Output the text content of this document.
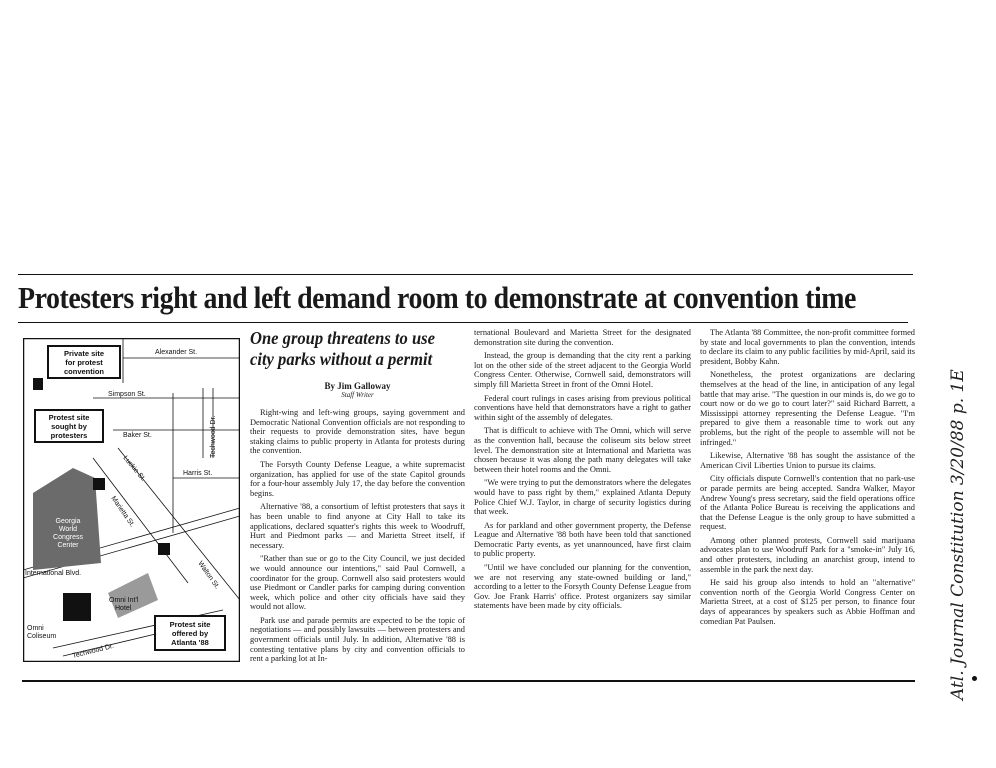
Protesters right and left demand room to demonstrate at convention time
Private site
for protest
convention
Protest site
sought by
protesters
Protest site
offered by
Atlanta '88
Alexander St.
Simpson St.
Baker St.
Harris St.
Techwood Dr.
Luckie St.
Marietta St.
International Blvd.	Walton St.
Techwood Dr.
Omni Int'l
Hotel
Omni
Coliseum
Georgia
World
Congress
Center
One group threatens to use city parks without a permit
By Jim Galloway
Staff Writer

Right-wing and left-wing groups, saying government and Democratic National Convention officials are not responding to their requests to provide demonstration sites, have begun staking claims to public property in Atlanta for protests during the convention.

The Forsyth County Defense League, a white supremacist organization, has applied for use of the state Capitol grounds for a four-hour assembly July 17, the day before the convention begins.

Alternative '88, a consortium of leftist protesters that says it has been unable to find anyone at City Hall to take its applications, declared squatter's rights this week to Woodruff, Hurt and Piedmont parks — and Marietta Street itself, if necessary.

"Rather than sue or go to the City Council, we just decided we would announce our intentions," said Paul Cornwell, a coordinator for the group. Cornwell also said protesters would use Piedmont or Candler parks for camping during convention week, which police and other city officials have said they would not allow.

Park use and parade permits are expected to be the topic of negotiations — and possibly lawsuits — between protesters and government officials until July. In addition, Alternative '88 is contesting tentative plans by city and convention officials to rent a parking lot at In-

ternational Boulevard and Marietta Street for the designated demonstration site during the convention.

Instead, the group is demanding that the city rent a parking lot on the other side of the street adjacent to the Georgia World Congress Center. Otherwise, Cornwell said, demonstrators will simply fill Marietta Street in front of the Omni Hotel.

Federal court rulings in cases arising from previous political conventions have held that demonstrators have a right to gather within sight of the assembly of delegates.

That is difficult to achieve with The Omni, which will serve as the convention hall, because the coliseum sits below street level. The demonstration site at International and Marietta was chosen because it was along the path many delegates will take between their hotel rooms and the Omni.

"We were trying to put the demonstrators where the delegates would have to pass right by them," explained Atlanta Deputy Police Chief W.J. Taylor, in charge of security logistics during that week.

As for parkland and other government property, the Defense League and Alternative '88 both have been told that sanctioned Democratic Party events, as yet unannounced, have first claim to public property.

"Until we have concluded our planning for the convention, we are not reserving any state-owned building or land," according to a letter to the Forsyth County Defense League from Gov. Joe Frank Harris' office. Protest organizers say similar statements have been made by city officials.

The Atlanta '88 Committee, the non-profit committee formed by state and local governments to plan the convention, intends to declare its claim to any public facilities by mid-April, said its president, Bobby Kahn.

Nonetheless, the protest organizations are declaring themselves at the head of the line, in anticipation of any legal battle that may arise. "The question in our minds is, do we go to court now or do we go to court later?" said Richard Barrett, a Mississippi attorney representing the Defense League. "I'm prepared to give them a reasonable time to work out any problems, but the right of the people to assemble will not be infringed."

Likewise, Alternative '88 has sought the assistance of the American Civil Liberties Union to pursue its claims.

City officials dispute Cornwell's contention that no park-use or parade permits are being accepted. Sandra Walker, Mayor Andrew Young's press secretary, said the field operations office of the Atlanta Police Bureau is receiving the applications and that the Defense League is the only group to have submitted a request.

Among other planned protests, Cornwell said marijuana advocates plan to use Woodruff Park for a "smoke-in" July 16, and other protesters, including an anarchist group, intend to assemble in the park the next day.

He said his group also intends to hold an "alternative" convention north of the Georgia World Congress Center on Marietta Street, at a cost of $125 per person, to finance four days of appearances by speakers such as Abbie Hoffman and comedian Pat Paulsen.	Atl. Journal Constitution 3/20/88 p. 1E
